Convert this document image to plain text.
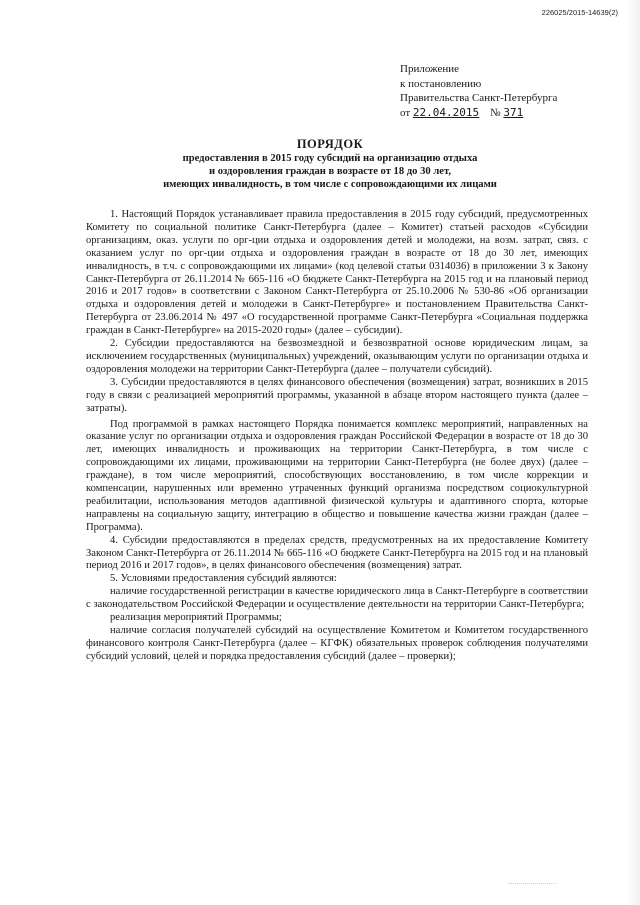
226025/2015-14639(2)
Приложение
к постановлению
Правительства Санкт-Петербурга
от 22.04.2015 № 371
ПОРЯДОК
предоставления в 2015 году субсидий на организацию отдыха
и оздоровления граждан в возрасте от 18 до 30 лет,
имеющих инвалидность, в том числе с сопровождающими их лицами

1. Настоящий Порядок устанавливает правила предоставления в 2015 году субсидий, предусмотренных Комитету по социальной политике Санкт-Петербурга (далее – Комитет) статьей расходов «Субсидии организациям, оказ. услуги по орг-ции отдыха и оздоровления детей и молодежи, на возм. затрат, связ. с оказанием услуг по орг-ции отдыха и оздоровления граждан в возрасте от 18 до 30 лет, имеющих инвалидность, в т.ч. с сопровождающими их лицами» (код целевой статьи 0314036) в приложении 3 к Закону Санкт-Петербурга от 26.11.2014 № 665-116 «О бюджете Санкт-Петербурга на 2015 год и на плановый период 2016 и 2017 годов» в соответствии с Законом Санкт-Петербурга от 25.10.2006 № 530-86 «Об организации отдыха и оздоровления детей и молодежи в Санкт-Петербурге» и постановлением Правительства Санкт-Петербурга от 23.06.2014 № 497 «О государственной программе Санкт-Петербурга «Социальная поддержка граждан в Санкт-Петербурге» на 2015-2020 годы» (далее – субсидии).

2. Субсидии предоставляются на безвозмездной и безвозвратной основе юридическим лицам, за исключением государственных (муниципальных) учреждений, оказывающим услуги по организации отдыха и оздоровления молодежи на территории Санкт-Петербурга (далее – получатели субсидий).

3. Субсидии предоставляются в целях финансового обеспечения (возмещения) затрат, возникших в 2015 году в связи с реализацией мероприятий программы, указанной в абзаце втором настоящего пункта (далее – затраты).

Под программой в рамках настоящего Порядка понимается комплекс мероприятий, направленных на оказание услуг по организации отдыха и оздоровления граждан Российской Федерации в возрасте от 18 до 30 лет, имеющих инвалидность и проживающих на территории Санкт-Петербурга, в том числе с сопровождающими их лицами, проживающими на территории Санкт-Петербурга (не более двух) (далее – граждане), в том числе мероприятий, способствующих восстановлению, в том числе коррекции и компенсации, нарушенных или временно утраченных функций организма посредством социокультурной реабилитации, использования методов адаптивной физической культуры и адаптивного спорта, которые направлены на социальную защиту, интеграцию в общество и повышение качества жизни граждан (далее – Программа).

4. Субсидии предоставляются в пределах средств, предусмотренных на их предоставление Комитету Законом Санкт-Петербурга от 26.11.2014 № 665-116 «О бюджете Санкт-Петербурга на 2015 год и на плановый период 2016 и 2017 годов», в целях финансового обеспечения (возмещения) затрат.

5. Условиями предоставления субсидий являются:

наличие государственной регистрации в качестве юридического лица в Санкт-Петербурге в соответствии с законодательством Российской Федерации и осуществление деятельности на территории Санкт-Петербурга;

реализация мероприятий Программы;

наличие согласия получателей субсидий на осуществление Комитетом и Комитетом государственного финансового контроля Санкт-Петербурга (далее – КГФК) обязательных проверок соблюдения получателями субсидий условий, целей и порядка предоставления субсидий (далее – проверки);
